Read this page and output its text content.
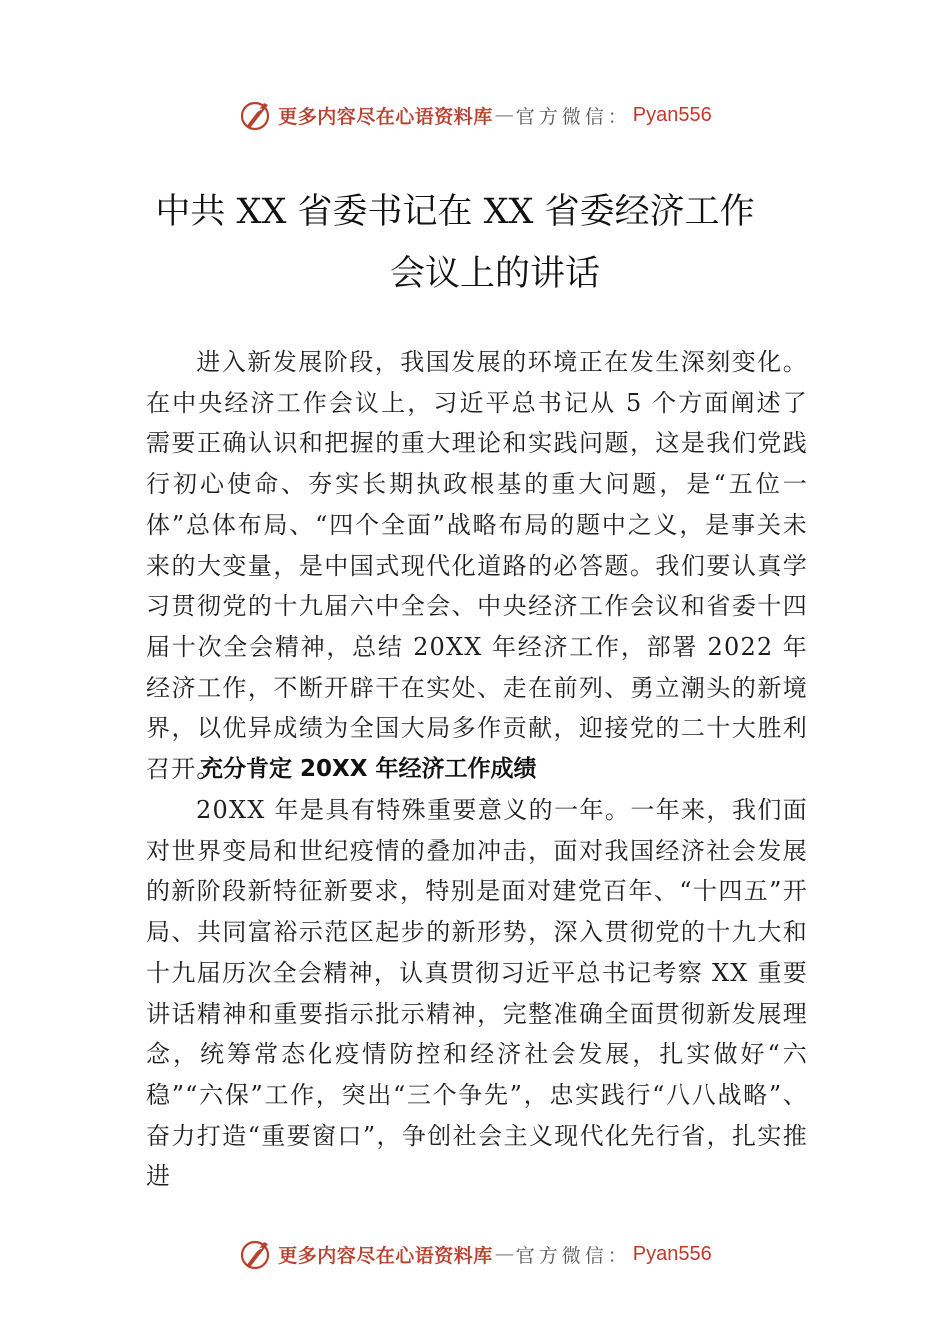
更多内容尽在心语资料库 — 官方微信： Pyan556
中共 XX 省委书记在 XX 省委经济工作
会议上的讲话
进入新发展阶段，我国发展的环境正在发生深刻变化。在中央经济工作会议上，习近平总书记从 5 个方面阐述了需要正确认识和把握的重大理论和实践问题，这是我们党践行初心使命、夯实长期执政根基的重大问题，是“五位一体”总体布局、“四个全面”战略布局的题中之义，是事关未来的大变量，是中国式现代化道路的必答题。我们要认真学习贯彻党的十九届六中全会、中央经济工作会议和省委十四届十次全会精神，总结 20XX 年经济工作，部署 2022 年经济工作，不断开辟干在实处、走在前列、勇立潮头的新境界，以优异成绩为全国大局多作贡献，迎接党的二十大胜利召开。
充分肯定 20XX 年经济工作成绩
20XX 年是具有特殊重要意义的一年。一年来，我们面对世界变局和世纪疫情的叠加冲击，面对我国经济社会发展的新阶段新特征新要求，特别是面对建党百年、“十四五”开局、共同富裕示范区起步的新形势，深入贯彻党的十九大和十九届历次全会精神，认真贯彻习近平总书记考察 XX 重要讲话精神和重要指示批示精神，完整准确全面贯彻新发展理念，统筹常态化疫情防控和经济社会发展，扎实做好“六稳”“六保”工作，突出“三个争先”，忠实践行“八八战略”、奋力打造“重要窗口”，争创社会主义现代化先行省，扎实推进
更多内容尽在心语资料库 — 官方微信： Pyan556
